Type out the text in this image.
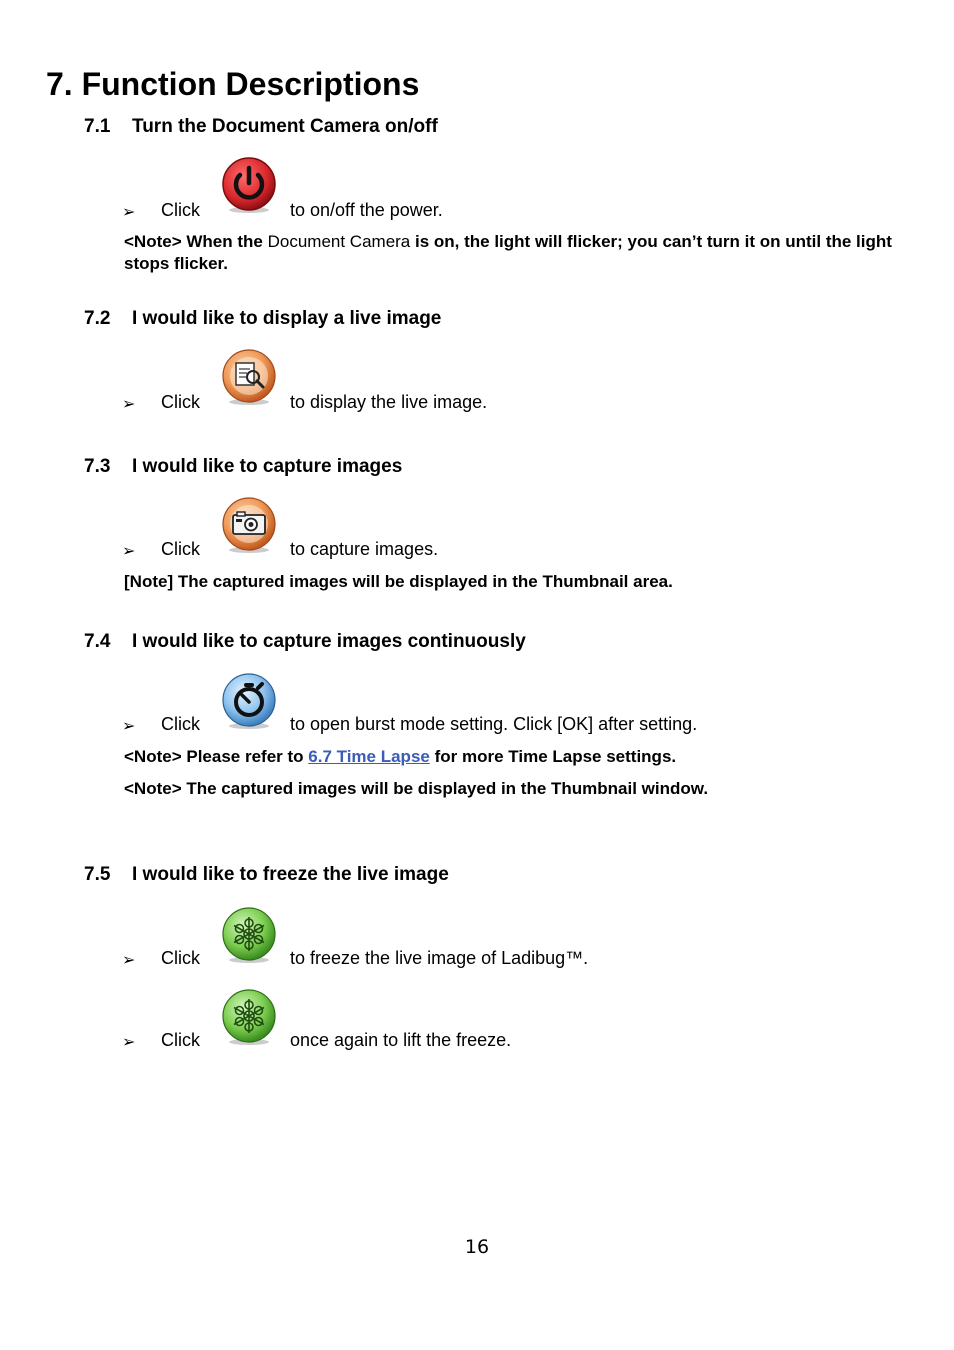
7. Function Descriptions
7.1 Turn the Document Camera on/off
➢ Click	to on/off the power.
<Note> When the Document Camera is on, the light will flicker; you can’t turn it on until the light stops flicker.
7.2 I would like to display a live image
➢ Click	to display the live image.
7.3 I would like to capture images
➢ Click	to capture images.
[Note] The captured images will be displayed in the Thumbnail area.
7.4 I would like to capture images continuously
➢ Click	to open burst mode setting. Click [OK] after setting.
<Note> Please refer to 6.7 Time Lapse for more Time Lapse settings.
<Note> The captured images will be displayed in the Thumbnail window.
7.5 I would like to freeze the live image
➢ Click	to freeze the live image of Ladibug™.
➢ Click	once again to lift the freeze.
16
